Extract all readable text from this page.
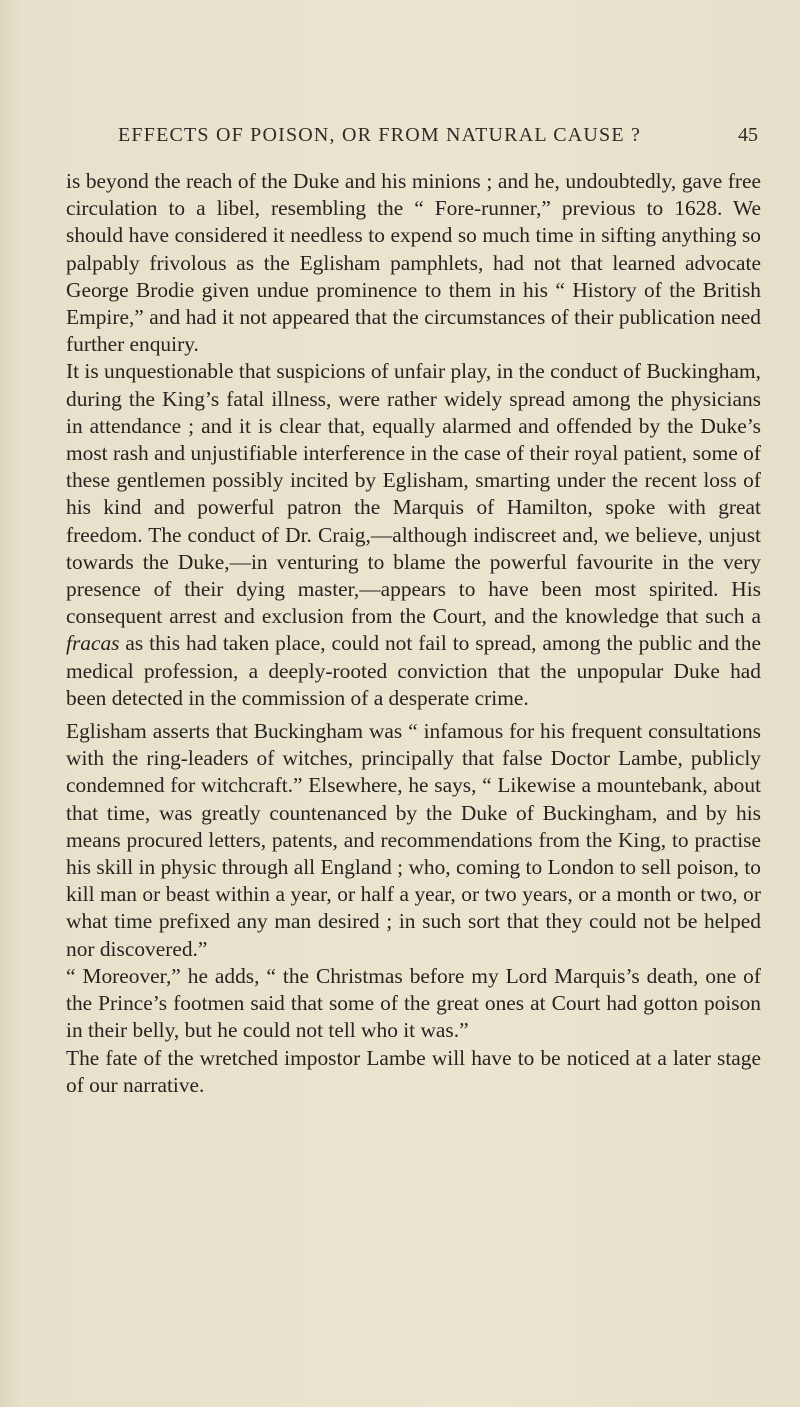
EFFECTS OF POISON, OR FROM NATURAL CAUSE ?	45

is beyond the reach of the Duke and his minions ; and he, undoubtedly, gave free circulation to a libel, resembling the “ Fore-runner,” previous to 1628. We should have considered it needless to expend so much time in sifting anything so palpably frivolous as the Eglisham pamphlets, had not that learned advocate George Brodie given undue prominence to them in his “ History of the British Empire,” and had it not appeared that the circumstances of their publication need further enquiry.

It is unquestionable that suspicions of unfair play, in the conduct of Buckingham, during the King’s fatal illness, were rather widely spread among the physicians in attendance ; and it is clear that, equally alarmed and offended by the Duke’s most rash and unjustifiable interference in the case of their royal patient, some of these gentlemen possibly incited by Eglisham, smarting under the recent loss of his kind and powerful patron the Marquis of Hamilton, spoke with great freedom. The conduct of Dr. Craig,—although indiscreet and, we believe, unjust towards the Duke,—in venturing to blame the powerful favourite in the very presence of their dying master,—appears to have been most spirited. His consequent arrest and exclusion from the Court, and the knowledge that such a fracas as this had taken place, could not fail to spread, among the public and the medical profession, a deeply-rooted conviction that the unpopular Duke had been detected in the commission of a desperate crime.

Eglisham asserts that Buckingham was “ infamous for his frequent consultations with the ring-leaders of witches, principally that false Doctor Lambe, publicly condemned for witchcraft.” Elsewhere, he says, “ Likewise a mountebank, about that time, was greatly countenanced by the Duke of Buckingham, and by his means procured letters, patents, and recommendations from the King, to practise his skill in physic through all England ; who, coming to London to sell poison, to kill man or beast within a year, or half a year, or two years, or a month or two, or what time prefixed any man desired ; in such sort that they could not be helped nor discovered.”

“ Moreover,” he adds, “ the Christmas before my Lord Marquis’s death, one of the Prince’s footmen said that some of the great ones at Court had gotton poison in their belly, but he could not tell who it was.”

The fate of the wretched impostor Lambe will have to be noticed at a later stage of our narrative.
